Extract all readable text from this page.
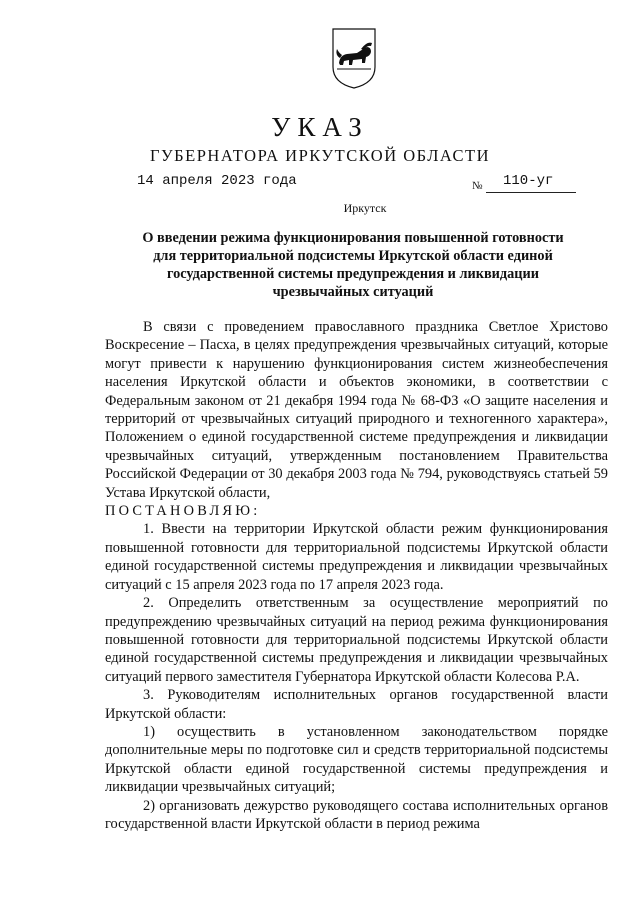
УКАЗ
ГУБЕРНАТОРА ИРКУТСКОЙ ОБЛАСТИ
14 апреля 2023 года	№ 110-уг
Иркутск
О введении режима функционирования повышенной готовности
для территориальной подсистемы Иркутской области единой
государственной системы предупреждения и ликвидации
чрезвычайных ситуаций

В связи с проведением православного праздника Светлое Христово Воскресение – Пасха, в целях предупреждения чрезвычайных ситуаций, которые могут привести к нарушению функционирования систем жизнеобеспечения населения Иркутской области и объектов экономики, в соответствии с Федеральным законом от 21 декабря 1994 года № 68-ФЗ «О защите населения и территорий от чрезвычайных ситуаций природного и техногенного характера», Положением о единой государственной системе предупреждения и ликвидации чрезвычайных ситуаций, утвержденным постановлением Правительства Российской Федерации от 30 декабря 2003 года № 794, руководствуясь статьей 59 Устава Иркутской области,

ПОСТАНОВЛЯЮ:

1. Ввести на территории Иркутской области режим функционирования повышенной готовности для территориальной подсистемы Иркутской области единой государственной системы предупреждения и ликвидации чрезвычайных ситуаций с 15 апреля 2023 года по 17 апреля 2023 года.

2. Определить ответственным за осуществление мероприятий по предупреждению чрезвычайных ситуаций на период режима функционирования повышенной готовности для территориальной подсистемы Иркутской области единой государственной системы предупреждения и ликвидации чрезвычайных ситуаций первого заместителя Губернатора Иркутской области Колесова Р.А.

3. Руководителям исполнительных органов государственной власти Иркутской области:

1) осуществить в установленном законодательством порядке дополнительные меры по подготовке сил и средств территориальной подсистемы Иркутской области единой государственной системы предупреждения и ликвидации чрезвычайных ситуаций;

2) организовать дежурство руководящего состава исполнительных органов государственной власти Иркутской области в период режима
